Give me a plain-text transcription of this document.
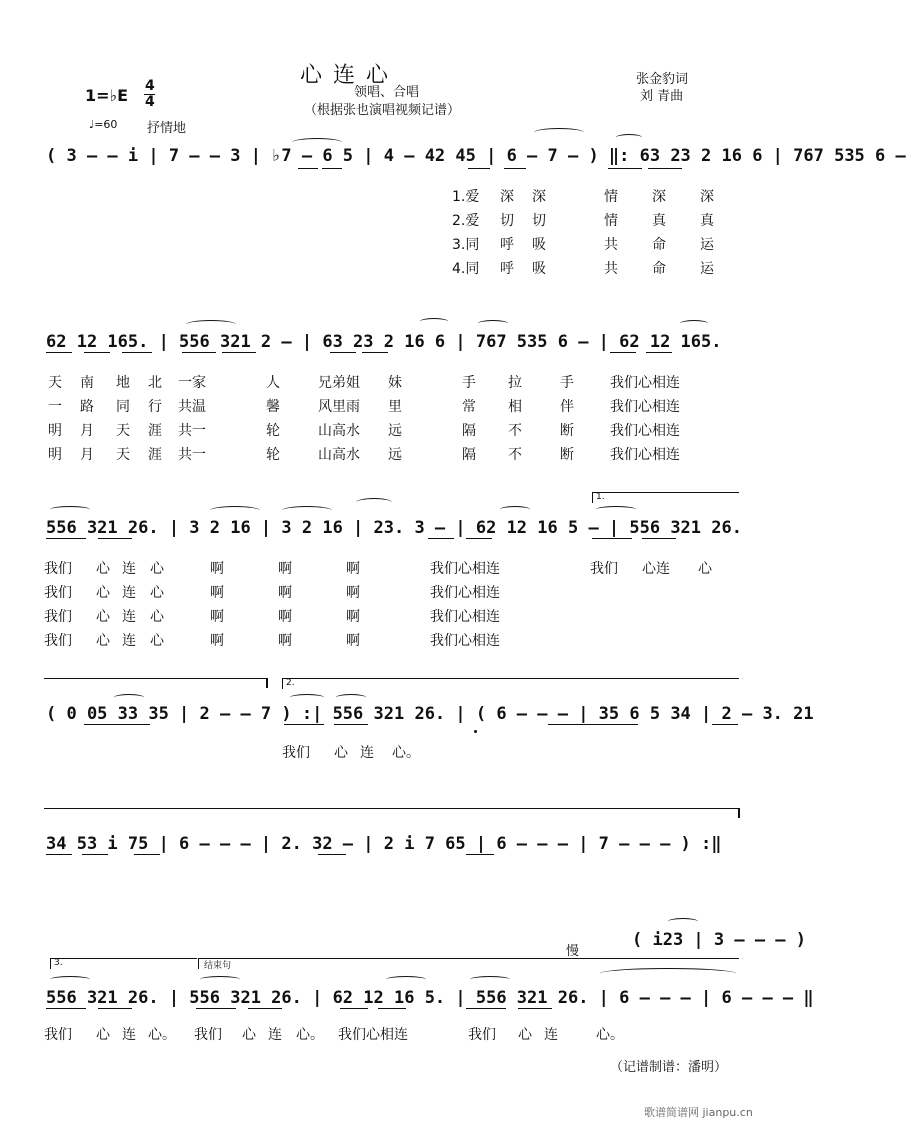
心 连 心
领唱、合唱
（根据张也演唱视频记谱）
张金豹词
刘 青曲
1=♭E 4
4
♩=60 抒情地
( 3 – – i | 7 – – 3 | ♭7 – 6 5 | 4 – 42 45 | 6 – 7 – ) ‖: 63 23 2 16 6 | 767 535 6 –
1.爱 深 深	情 深 深
2.爱 切 切	情 真 真
3.同 呼 吸	共 命 运
4.同 呼 吸	共 命 运
62 12 165. | 556 321 2 – | 63 23 2 16 6 | 767 535 6 – | 62 12 165.
天 南 地 北 一家	人	兄弟姐 妹	手 拉	手	我们心相连
一 路 同 行 共温	馨	风里雨 里	常 相	伴	我们心相连
明 月 天 涯 共一	轮	山高水 远	隔 不	断	我们心相连
明 月 天 涯 共一	轮	山高水 远	隔 不	断	我们心相连
1.
556 321 26. | 3 2 16 | 3 2 16 | 23. 3 – | 62 12 16 5 – | 556 321 26.
我们 心 连 心	啊	啊	啊	我们心相连	我们 心连 心
我们 心 连 心	啊	啊	啊	我们心相连
我们 心 连 心	啊	啊	啊	我们心相连
我们 心 连 心	啊	啊	啊	我们心相连
2.
( 0 05 33 35 | 2 – – 7 ) :| 556 321 26. | ( 6 – – – | 35 6 5 34 | 2 – 3. 21
我们 心 连 心。
34 53 i 75 | 6 – – – | 2. 32 – | 2 i 7 65 | 6 – – – | 7 – – – ) :‖
慢
( i23 | 3 – – – )
3.	结束句
556 321 26. | 556 321 26. | 62 12 16 5. | 556 321 26. | 6 – – – | 6 – – – ‖
我们 心 连 心。 我们 心 连 心。 我们心相连	我们 心 连	心。
（记谱制谱：潘明）
歌谱简谱网 jianpu.cn
